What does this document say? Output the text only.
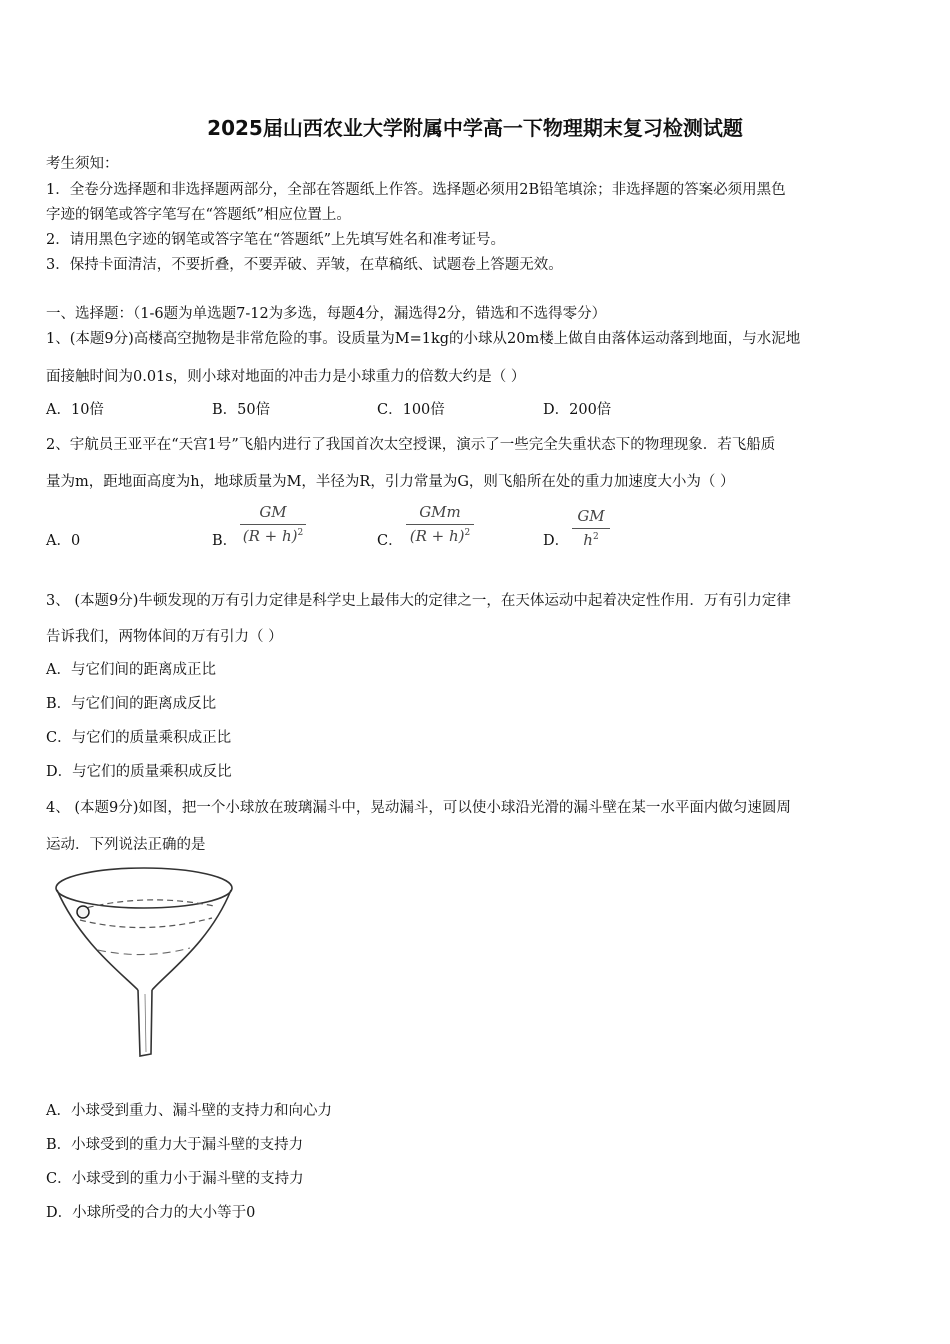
2025届山西农业大学附属中学高一下物理期末复习检测试题
考生须知：
1．全卷分选择题和非选择题两部分，全部在答题纸上作答。选择题必须用2B铅笔填涂；非选择题的答案必须用黑色
字迹的钢笔或答字笔写在“答题纸”相应位置上。
2．请用黑色字迹的钢笔或答字笔在“答题纸”上先填写姓名和准考证号。
3．保持卡面清洁，不要折叠，不要弄破、弄皱，在草稿纸、试题卷上答题无效。
一、选择题：（1-6题为单选题7-12为多选，每题4分，漏选得2分，错选和不选得零分）
1、(本题9分)高楼高空抛物是非常危险的事。设质量为M=1kg的小球从20m楼上做自由落体运动落到地面，与水泥地
面接触时间为0.01s，则小球对地面的冲击力是小球重力的倍数大约是（ ）
A．10倍	B．50倍	C．100倍	D．200倍
2、宇航员王亚平在“天宫1号”飞船内进行了我国首次太空授课，演示了一些完全失重状态下的物理现象．若飞船质
量为m，距地面高度为h，地球质量为M，半径为R，引力常量为G，则飞船所在处的重力加速度大小为（ ）
A．0	B．
GM
$(R + h)^2$	C．
GMm
$(R + h)^2$	D．
GM
$h^2$
3、 (本题9分)牛顿发现的万有引力定律是科学史上最伟大的定律之一，在天体运动中起着决定性作用．万有引力定律
告诉我们，两物体间的万有引力（ ）
A．与它们间的距离成正比
B．与它们间的距离成反比
C．与它们的质量乘积成正比
D．与它们的质量乘积成反比
4、 (本题9分)如图，把一个小球放在玻璃漏斗中，晃动漏斗，可以使小球沿光滑的漏斗壁在某一水平面内做匀速圆周
运动．下列说法正确的是
A．小球受到重力、漏斗壁的支持力和向心力
B．小球受到的重力大于漏斗壁的支持力
C．小球受到的重力小于漏斗壁的支持力
D．小球所受的合力的大小等于0
